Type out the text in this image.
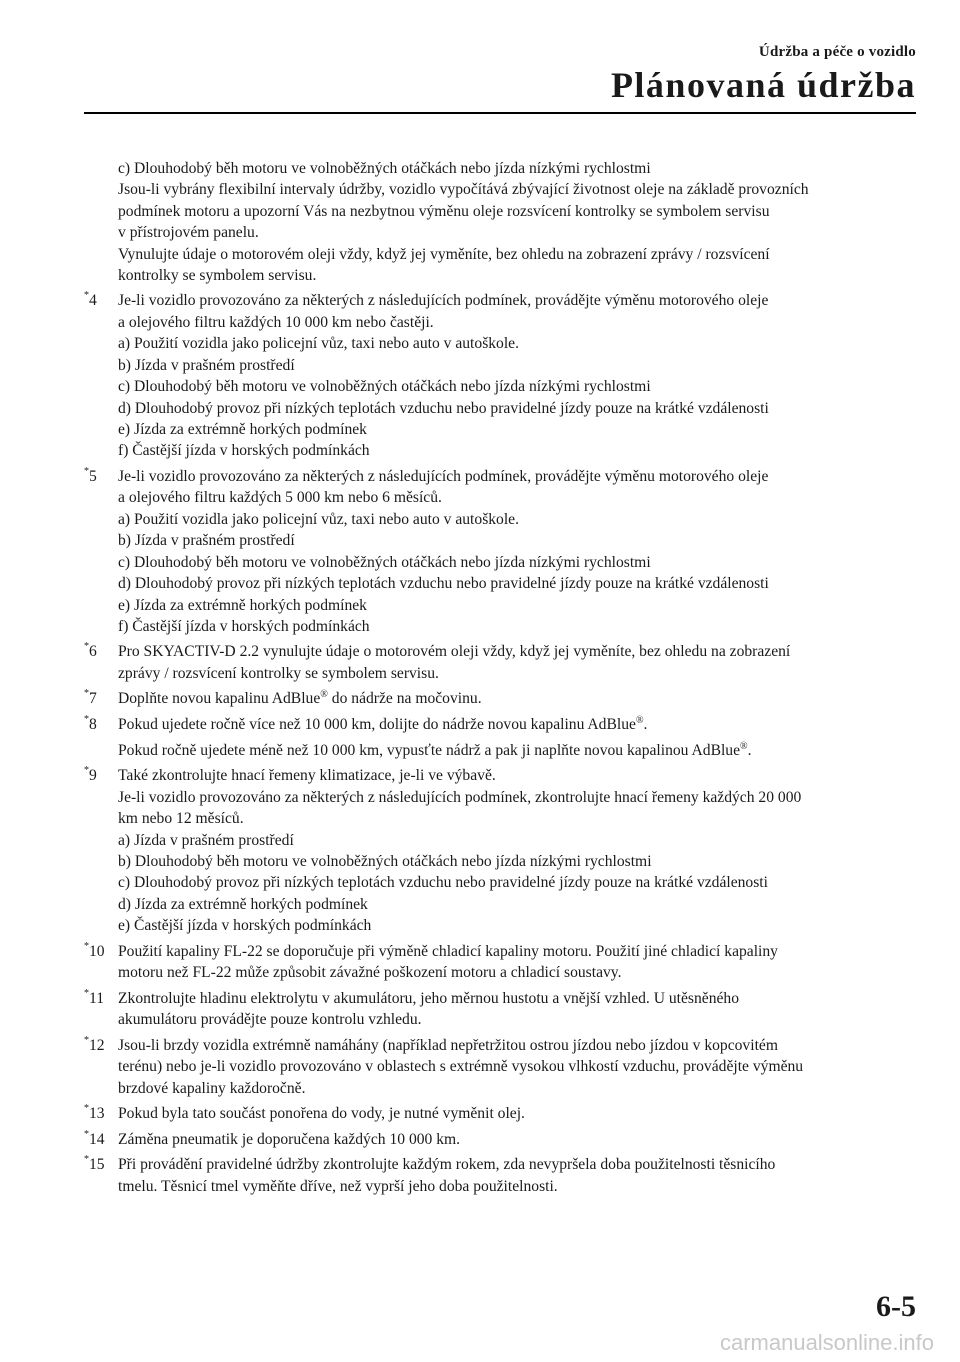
Údržba a péče o vozidlo
Plánovaná údržba
c) Dlouhodobý běh motoru ve volnoběžných otáčkách nebo jízda nízkými rychlostmi
Jsou-li vybrány flexibilní intervaly údržby, vozidlo vypočítává zbývající životnost oleje na základě provozních
podmínek motoru a upozorní Vás na nezbytnou výměnu oleje rozsvícení kontrolky se symbolem servisu
v přístrojovém panelu.
Vynulujte údaje o motorovém oleji vždy, když jej vyměníte, bez ohledu na zobrazení zprávy / rozsvícení
kontrolky se symbolem servisu.
*4 Je-li vozidlo provozováno za některých z následujících podmínek, provádějte výměnu motorového oleje
a olejového filtru každých 10 000 km nebo častěji.
a) Použití vozidla jako policejní vůz, taxi nebo auto v autoškole.
b) Jízda v prašném prostředí
c) Dlouhodobý běh motoru ve volnoběžných otáčkách nebo jízda nízkými rychlostmi
d) Dlouhodobý provoz při nízkých teplotách vzduchu nebo pravidelné jízdy pouze na krátké vzdálenosti
e) Jízda za extrémně horkých podmínek
f) Častější jízda v horských podmínkách
*5 Je-li vozidlo provozováno za některých z následujících podmínek, provádějte výměnu motorového oleje
a olejového filtru každých 5 000 km nebo 6 měsíců.
a) Použití vozidla jako policejní vůz, taxi nebo auto v autoškole.
b) Jízda v prašném prostředí
c) Dlouhodobý běh motoru ve volnoběžných otáčkách nebo jízda nízkými rychlostmi
d) Dlouhodobý provoz při nízkých teplotách vzduchu nebo pravidelné jízdy pouze na krátké vzdálenosti
e) Jízda za extrémně horkých podmínek
f) Častější jízda v horských podmínkách
*6 Pro SKYACTIV-D 2.2 vynulujte údaje o motorovém oleji vždy, když jej vyměníte, bez ohledu na zobrazení
zprávy / rozsvícení kontrolky se symbolem servisu.
*7 Doplňte novou kapalinu AdBlue® do nádrže na močovinu.
*8 Pokud ujedete ročně více než 10 000 km, dolijte do nádrže novou kapalinu AdBlue®.
Pokud ročně ujedete méně než 10 000 km, vypusťte nádrž a pak ji naplňte novou kapalinou AdBlue®.
*9 Také zkontrolujte hnací řemeny klimatizace, je-li ve výbavě.
Je-li vozidlo provozováno za některých z následujících podmínek, zkontrolujte hnací řemeny každých 20 000
km nebo 12 měsíců.
a) Jízda v prašném prostředí
b) Dlouhodobý běh motoru ve volnoběžných otáčkách nebo jízda nízkými rychlostmi
c) Dlouhodobý provoz při nízkých teplotách vzduchu nebo pravidelné jízdy pouze na krátké vzdálenosti
d) Jízda za extrémně horkých podmínek
e) Častější jízda v horských podmínkách
*10 Použití kapaliny FL-22 se doporučuje při výměně chladicí kapaliny motoru. Použití jiné chladicí kapaliny
motoru než FL-22 může způsobit závažné poškození motoru a chladicí soustavy.
*11 Zkontrolujte hladinu elektrolytu v akumulátoru, jeho měrnou hustotu a vnější vzhled. U utěsněného
akumulátoru provádějte pouze kontrolu vzhledu.
*12 Jsou-li brzdy vozidla extrémně namáhány (například nepřetržitou ostrou jízdou nebo jízdou v kopcovitém
terénu) nebo je-li vozidlo provozováno v oblastech s extrémně vysokou vlhkostí vzduchu, provádějte výměnu
brzdové kapaliny každoročně.
*13 Pokud byla tato součást ponořena do vody, je nutné vyměnit olej.
*14 Záměna pneumatik je doporučena každých 10 000 km.
*15 Při provádění pravidelné údržby zkontrolujte každým rokem, zda nevypršela doba použitelnosti těsnicího
tmelu. Těsnicí tmel vyměňte dříve, než vyprší jeho doba použitelnosti.
6-5
carmanualsonline.info
